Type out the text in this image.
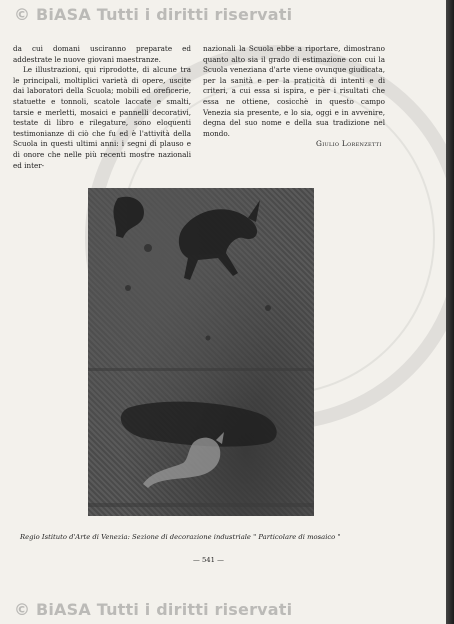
© BiASA Tutti i diritti riservati

da cui domani usciranno preparate ed addestrate le nuove giovani maestranze.

Le illustrazioni, qui riprodotte, di alcune tra le principali, moltiplici varietà di opere, uscite dai laboratori della Scuola; mobili ed oreficerie, statuette e tonnoli, scatole laccate e smalti, tarsie e merletti, mosaici e pannelli decorativi, testate di libro e rilegature, sono eloquenti testimonianze di ciò che fu ed è l'attività della Scuola in questi ultimi anni: i segni di plauso e di onore che nelle più recenti mostre nazionali ed inter-

nazionali la Scuola ebbe a riportare, dimostrano quanto alto sia il grado di estimazione con cui la Scuola veneziana d'arte viene ovunque giudicata, per la sanità e per la praticità di intenti e di criteri, a cui essa si ispira, e per i risultati che essa ne ottiene, cosicchè in questo campo Venezia sia presente, e lo sia, oggi e in avvenire, degna del suo nome e della sua tradizione nel mondo.

Giulio Lorenzetti
Regio Istituto d'Arte di Venezia: Sezione di decorazione industriale " Particolare di mosaico "
— 541 —
© BiASA Tutti i diritti riservati
